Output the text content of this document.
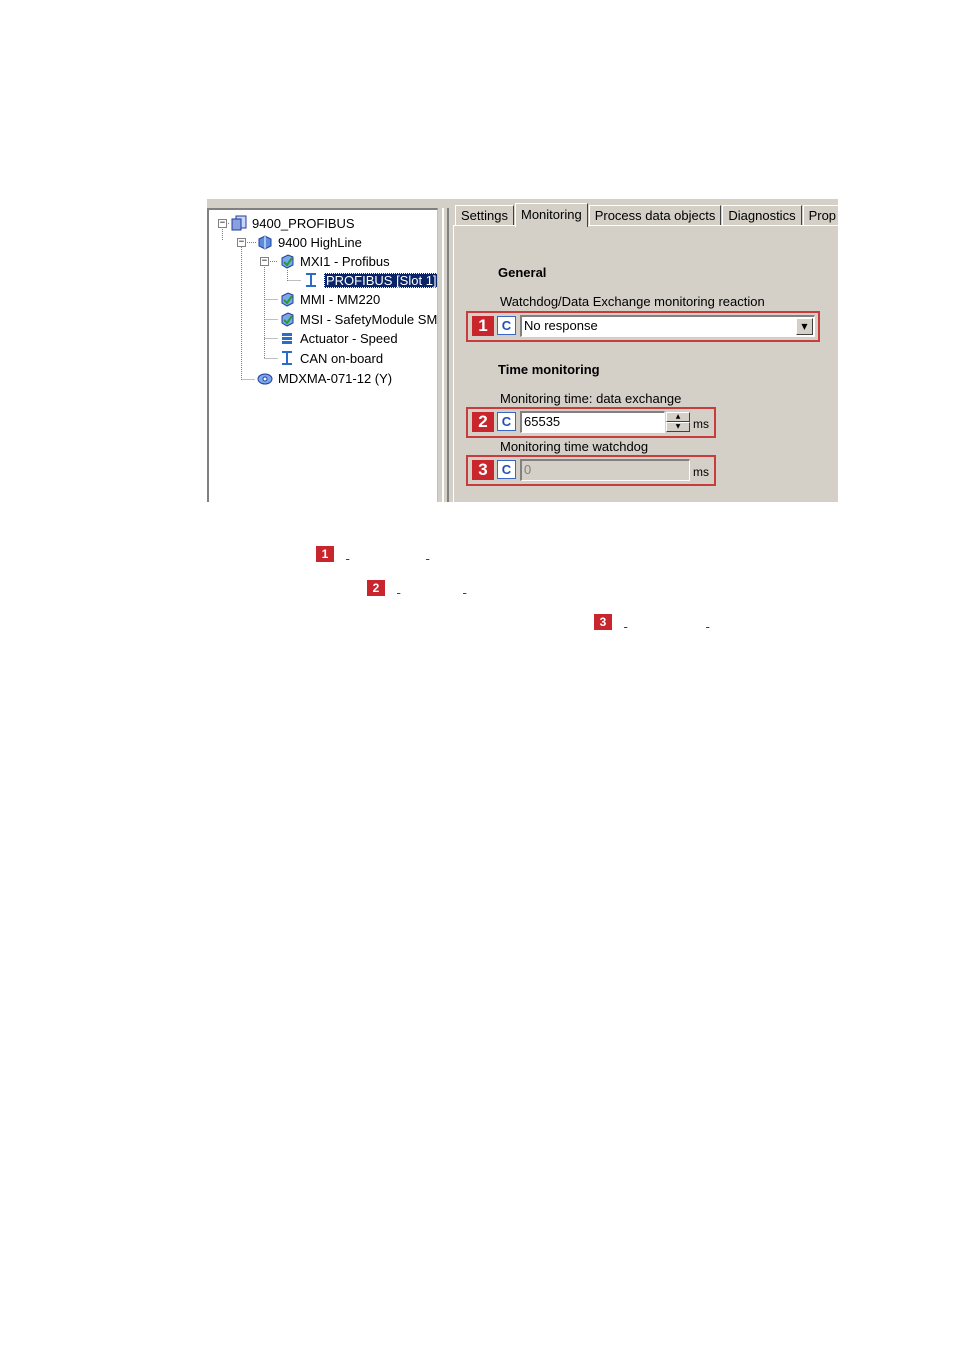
−
−
−
9400_PROFIBUS
9400 HighLine
MXI1 - Profibus
PROFIBUS [Slot 1]
MMI - MM220
MSI - SafetyModule SM
Actuator - Speed
CAN on-board
MDXMA-071-12 (Y)
Settings	Monitoring	Process data objects	Diagnostics	Prop
General
Watchdog/Data Exchange monitoring reaction
1	C No response	▼
Time monitoring
Monitoring time: data exchange
2	C 65535	▲
▼	ms
Monitoring time watchdog
3	C 0	ms
1

2

3
